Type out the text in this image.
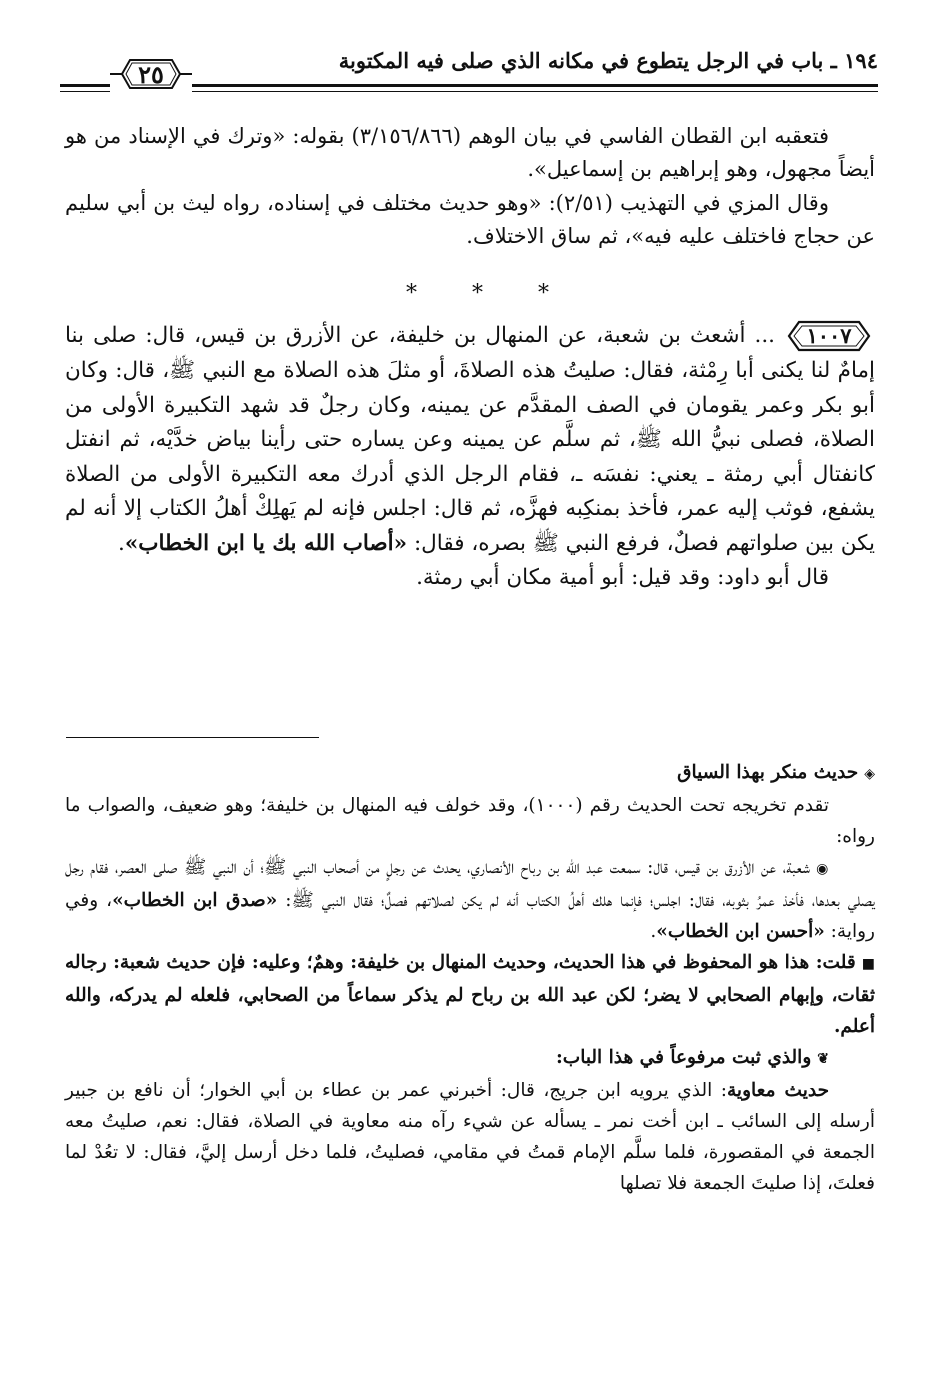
١٩٤ ـ باب في الرجل يتطوع في مكانه الذي صلى فيه المكتوبة
٢٥

فتعقبه ابن القطان الفاسي في بيان الوهم (٣/١٥٦/٨٦٦) بقوله: «وترك في الإسناد من هو أيضاً مجهول، وهو إبراهيم بن إسماعيل».

وقال المزي في التهذيب (٢/٥١): «وهو حديث مختلف في إسناده، رواه ليث بن أبي سليم عن حجاج فاختلف عليه فيه»، ثم ساق الاختلاف.

* * *

١٠٠٧
... أشعث بن شعبة، عن المنهال بن خليفة، عن الأزرق بن قيس، قال: صلى بنا إمامٌ لنا يكنى أبا رِمْثة، فقال: صليتُ هذه الصلاةَ، أو مثلَ هذه الصلاة مع النبي ﷺ، قال: وكان أبو بكر وعمر يقومان في الصف المقدَّم عن يمينه، وكان رجلٌ قد شهد التكبيرة الأولى من الصلاة، فصلى نبيُّ الله ﷺ، ثم سلَّم عن يمينه وعن يساره حتى رأينا بياض خدَّيْه، ثم انفتل كانفتال أبي رمثة ـ يعني: نفسَه ـ، فقام الرجل الذي أدرك معه التكبيرة الأولى من الصلاة يشفع، فوثب إليه عمر، فأخذ بمنكِبه فهزَّه، ثم قال: اجلس فإنه لم يَهلِكْ أهلُ الكتاب إلا أنه لم يكن بين صلواتهم فصلٌ، فرفع النبي ﷺ بصره، فقال: «أصاب الله بك يا ابن الخطاب».

قال أبو داود: وقد قيل: أبو أمية مكان أبي رمثة.

◈حديث منكر بهذا السياق

تقدم تخريجه تحت الحديث رقم (١٠٠٠)، وقد خولف فيه المنهال بن خليفة؛ وهو ضعيف، والصواب ما رواه:

◉شعبة، عن الأزرق بن قيس، قال: سمعت عبد الله بن رباح الأنصاري، يحدث عن رجلٍ من أصحاب النبي ﷺ؛ أن النبي ﷺ صلى العصر، فقام رجل يصلي بعدها، فأخذ عمرُ بثوبه، فقال: اجلس؛ فإنما هلك أهلُ الكتاب أنه لم يكن لصلاتهم فصلٌ؛ فقال النبي ﷺ: «صدق ابن الخطاب»، وفي رواية: «أحسن ابن الخطاب».

■قلت: هذا هو المحفوظ في هذا الحديث، وحديث المنهال بن خليفة: وهمٌ؛ وعليه: فإن حديث شعبة: رجاله ثقات، وإبهام الصحابي لا يضر؛ لكن عبد الله بن رباح لم يذكر سماعاً من الصحابي، فلعله لم يدركه، والله أعلم.

❦والذي ثبت مرفوعاً في هذا الباب:

حديث معاوية: الذي يرويه ابن جريج، قال: أخبرني عمر بن عطاء بن أبي الخوار؛ أن نافع بن جبير أرسله إلى السائب ـ ابن أخت نمر ـ يسأله عن شيء رآه منه معاوية في الصلاة، فقال: نعم، صليتُ معه الجمعة في المقصورة، فلما سلَّم الإمام قمتُ في مقامي، فصليتُ، فلما دخل أرسل إليَّ، فقال: لا تعُدْ لما فعلتَ، إذا صليتَ الجمعة فلا تصلها
